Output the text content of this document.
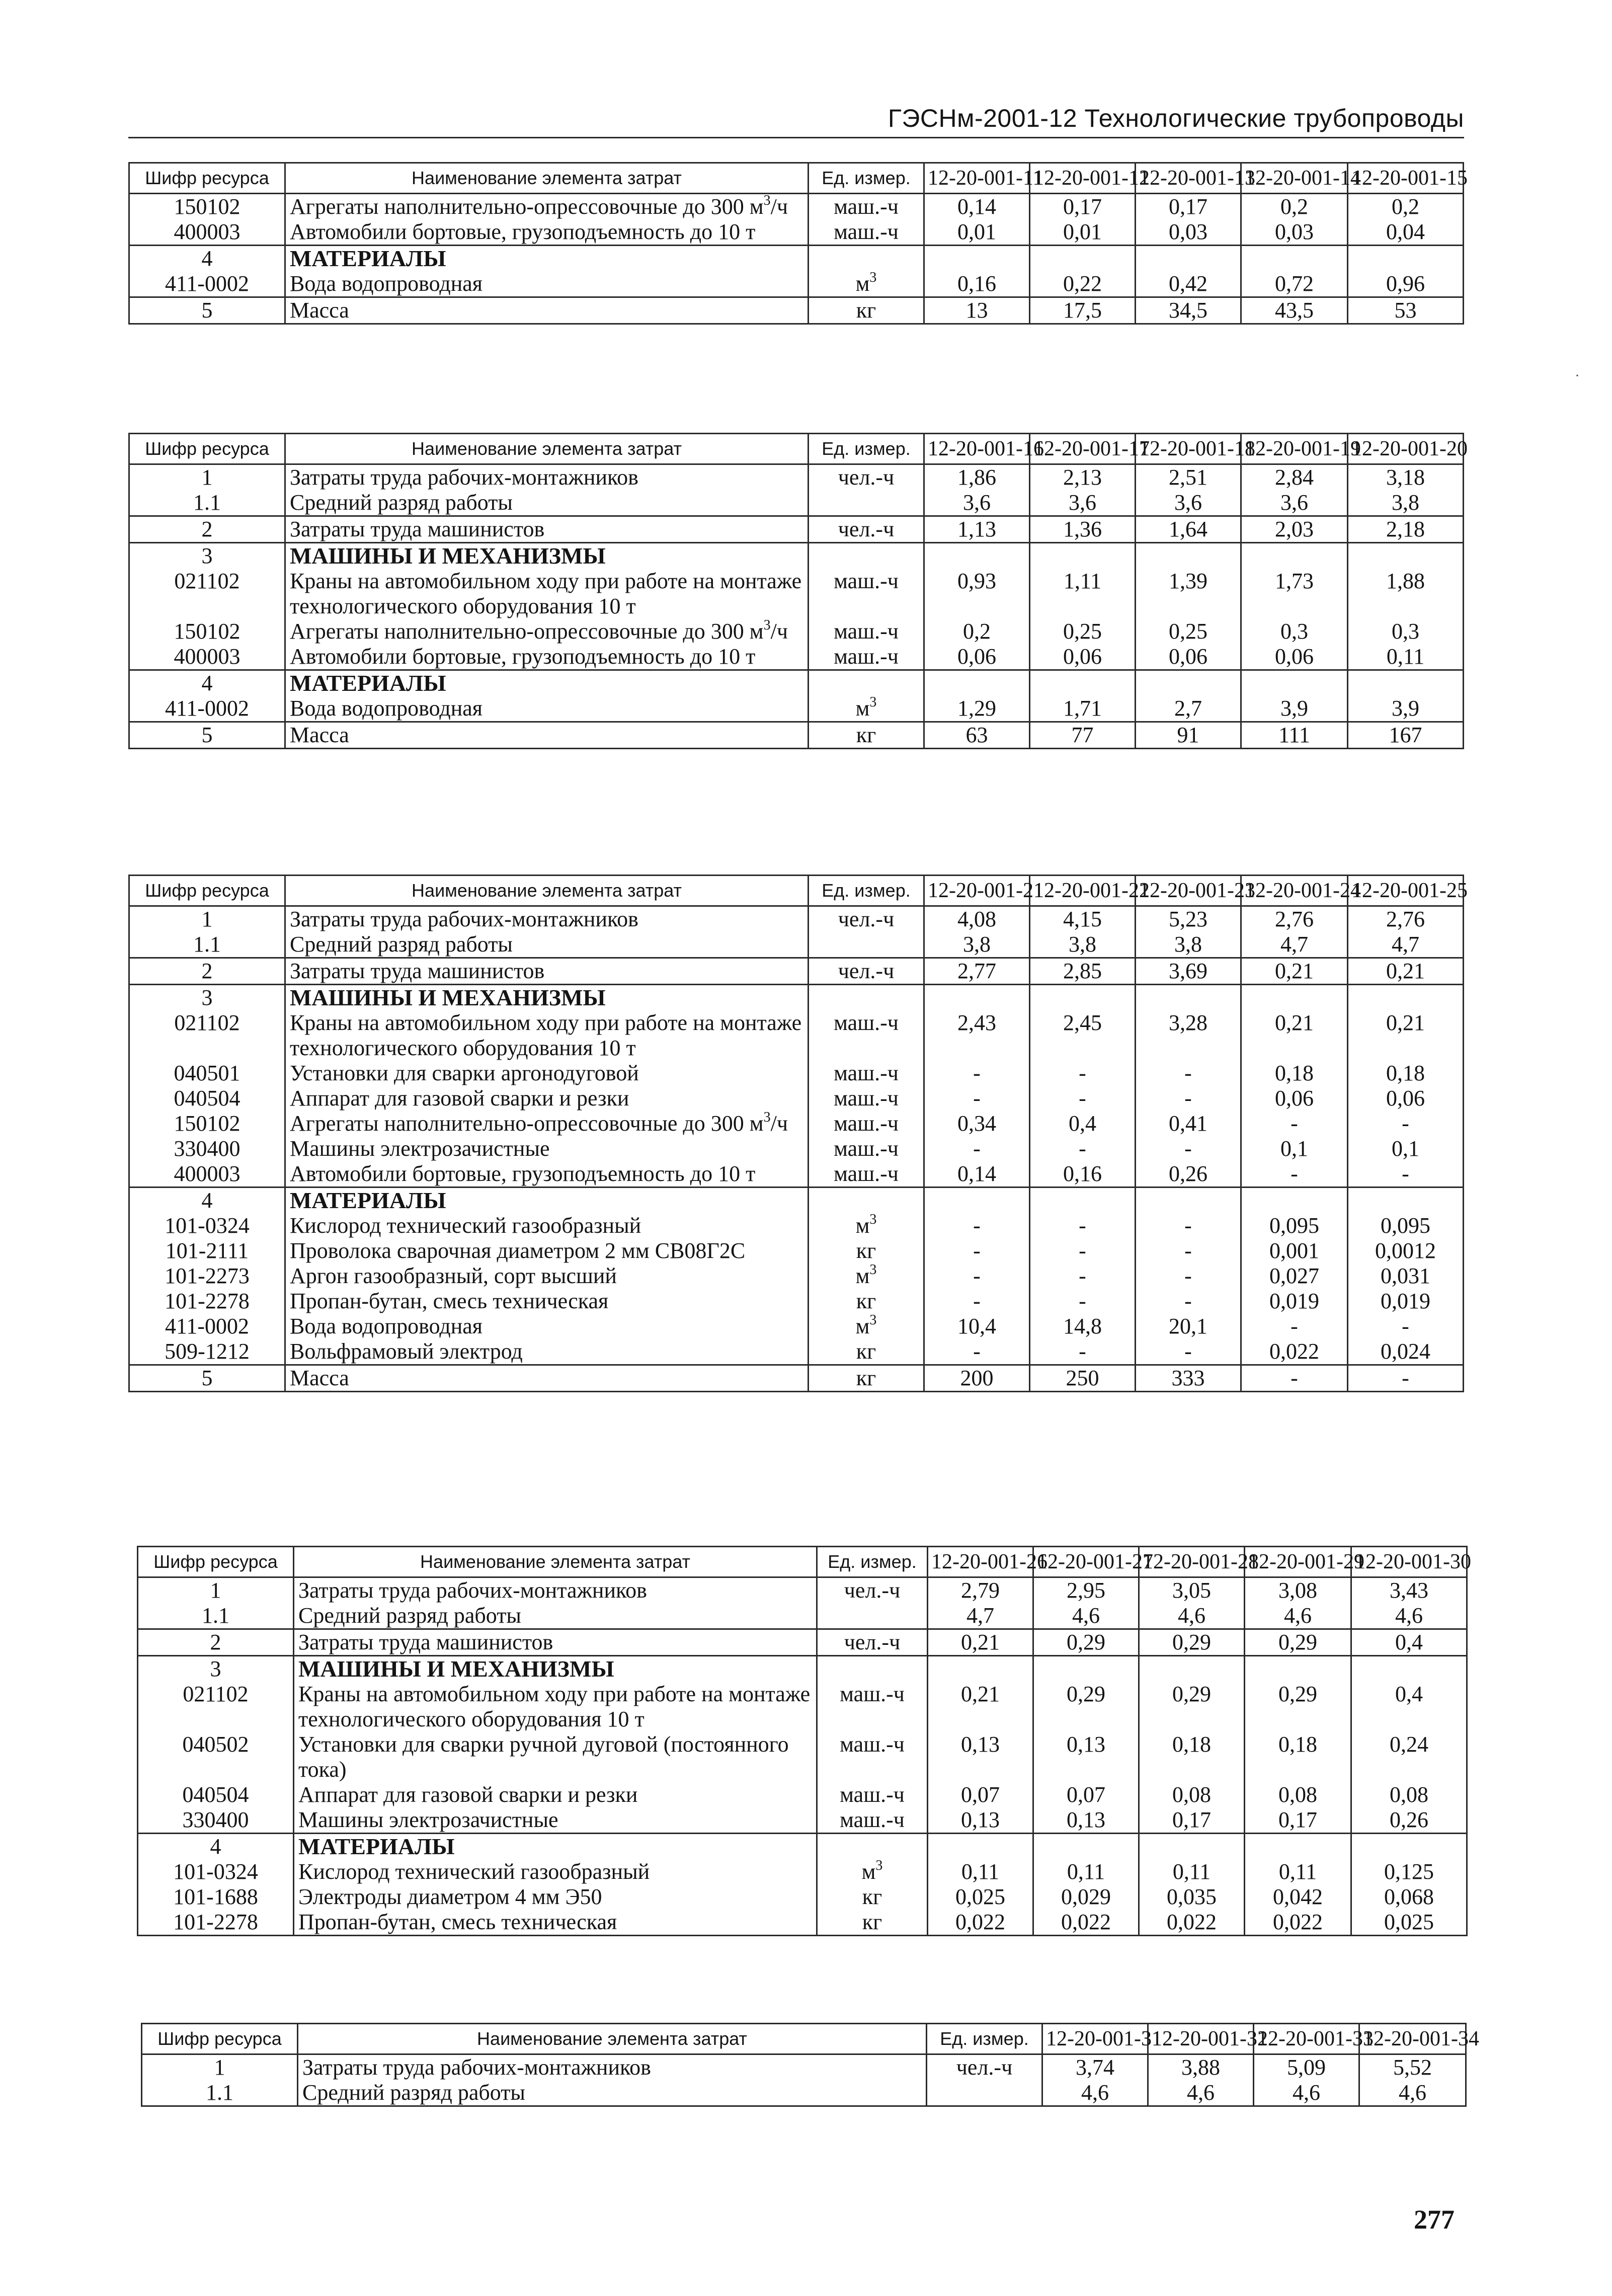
ГЭСНм-2001-12 Технологические трубопроводы
Шифр ресурса	Наименование элемента затрат	Ед. измер.	12-20-001-11	12-20-001-12	12-20-001-13	12-20-001-14	12-20-001-15
150102	Агрегаты наполнительно-опрессовочные до 300 $м^3/ч$	маш.-ч	0,14	0,17	0,17	0,2	0,2
400003	Автомобили бортовые, грузоподъемность до 10 т	маш.-ч	0,01	0,01	0,03	0,03	0,04
4	МАТЕРИАЛЫ						
411-0002	Вода водопроводная	$м^3$	0,16	0,22	0,42	0,72	0,96
5	Масса	кг	13	17,5	34,5	43,5	53
Шифр ресурса	Наименование элемента затрат	Ед. измер.	12-20-001-16	12-20-001-17	12-20-001-18	12-20-001-19	12-20-001-20
1	Затраты труда рабочих-монтажников	чел.-ч	1,86	2,13	2,51	2,84	3,18
1.1	Средний разряд работы		3,6	3,6	3,6	3,6	3,8
2	Затраты труда машинистов	чел.-ч	1,13	1,36	1,64	2,03	2,18
3	МАШИНЫ И МЕХАНИЗМЫ						
021102	Краны на автомобильном ходу при работе на монтаже технологического оборудования 10 т	маш.-ч	0,93	1,11	1,39	1,73	1,88
150102	Агрегаты наполнительно-опрессовочные до 300 $м^3/ч$	маш.-ч	0,2	0,25	0,25	0,3	0,3
400003	Автомобили бортовые, грузоподъемность до 10 т	маш.-ч	0,06	0,06	0,06	0,06	0,11
4	МАТЕРИАЛЫ						
411-0002	Вода водопроводная	$м^3$	1,29	1,71	2,7	3,9	3,9
5	Масса	кг	63	77	91	111	167
Шифр ресурса	Наименование элемента затрат	Ед. измер.	12-20-001-21	12-20-001-22	12-20-001-23	12-20-001-24	12-20-001-25
1	Затраты труда рабочих-монтажников	чел.-ч	4,08	4,15	5,23	2,76	2,76
1.1	Средний разряд работы		3,8	3,8	3,8	4,7	4,7
2	Затраты труда машинистов	чел.-ч	2,77	2,85	3,69	0,21	0,21
3	МАШИНЫ И МЕХАНИЗМЫ						
021102	Краны на автомобильном ходу при работе на монтаже технологического оборудования 10 т	маш.-ч	2,43	2,45	3,28	0,21	0,21
040501	Установки для сварки аргонодуговой	маш.-ч	-	-	-	0,18	0,18
040504	Аппарат для газовой сварки и резки	маш.-ч	-	-	-	0,06	0,06
150102	Агрегаты наполнительно-опрессовочные до 300 $м^3/ч$	маш.-ч	0,34	0,4	0,41	-	-
330400	Машины электрозачистные	маш.-ч	-	-	-	0,1	0,1
400003	Автомобили бортовые, грузоподъемность до 10 т	маш.-ч	0,14	0,16	0,26	-	-
4	МАТЕРИАЛЫ						
101-0324	Кислород технический газообразный	$м^3$	-	-	-	0,095	0,095
101-2111	Проволока сварочная диаметром 2 мм СВ08Г2С	кг	-	-	-	0,001	0,0012
101-2273	Аргон газообразный, сорт высший	$м^3$	-	-	-	0,027	0,031
101-2278	Пропан-бутан, смесь техническая	кг	-	-	-	0,019	0,019
411-0002	Вода водопроводная	$м^3$	10,4	14,8	20,1	-	-
509-1212	Вольфрамовый электрод	кг	-	-	-	0,022	0,024
5	Масса	кг	200	250	333	-	-
Шифр ресурса	Наименование элемента затрат	Ед. измер.	12-20-001-26	12-20-001-27	12-20-001-28	12-20-001-29	12-20-001-30
1	Затраты труда рабочих-монтажников	чел.-ч	2,79	2,95	3,05	3,08	3,43
1.1	Средний разряд работы		4,7	4,6	4,6	4,6	4,6
2	Затраты труда машинистов	чел.-ч	0,21	0,29	0,29	0,29	0,4
3	МАШИНЫ И МЕХАНИЗМЫ						
021102	Краны на автомобильном ходу при работе на монтаже технологического оборудования 10 т	маш.-ч	0,21	0,29	0,29	0,29	0,4
040502	Установки для сварки ручной дуговой (постоянного тока)	маш.-ч	0,13	0,13	0,18	0,18	0,24
040504	Аппарат для газовой сварки и резки	маш.-ч	0,07	0,07	0,08	0,08	0,08
330400	Машины электрозачистные	маш.-ч	0,13	0,13	0,17	0,17	0,26
4	МАТЕРИАЛЫ						
101-0324	Кислород технический газообразный	$м^3$	0,11	0,11	0,11	0,11	0,125
101-1688	Электроды диаметром 4 мм Э50	кг	0,025	0,029	0,035	0,042	0,068
101-2278	Пропан-бутан, смесь техническая	кг	0,022	0,022	0,022	0,022	0,025
Шифр ресурса	Наименование элемента затрат	Ед. измер.	12-20-001-31	12-20-001-32	12-20-001-33	12-20-001-34
1	Затраты труда рабочих-монтажников	чел.-ч	3,74	3,88	5,09	5,52
1.1	Средний разряд работы		4,6	4,6	4,6	4,6
·
277
